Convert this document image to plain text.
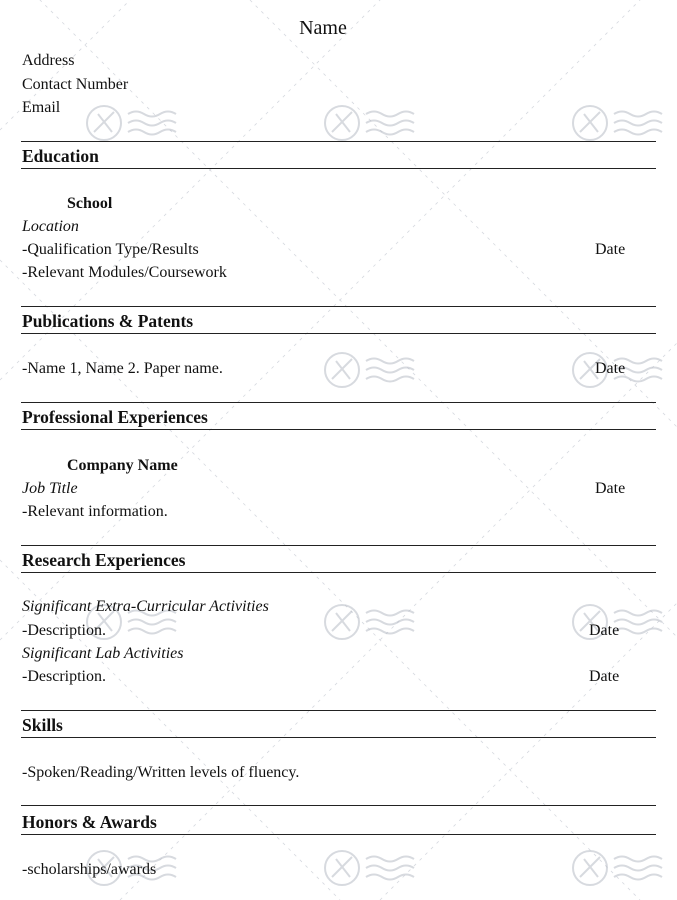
Name
Address
Contact Number
Email
Education
School
Location
-Qualification Type/Results	Date
-Relevant Modules/Coursework
Publications & Patents
-Name 1, Name 2. Paper name.	Date
Professional Experiences
Company Name
Job Title	Date
-Relevant information.
Research Experiences
Significant Extra-Curricular Activities
-Description.	Date
Significant Lab Activities
-Description.	Date
Skills
-Spoken/Reading/Written levels of fluency.
Honors & Awards
-scholarships/awards
